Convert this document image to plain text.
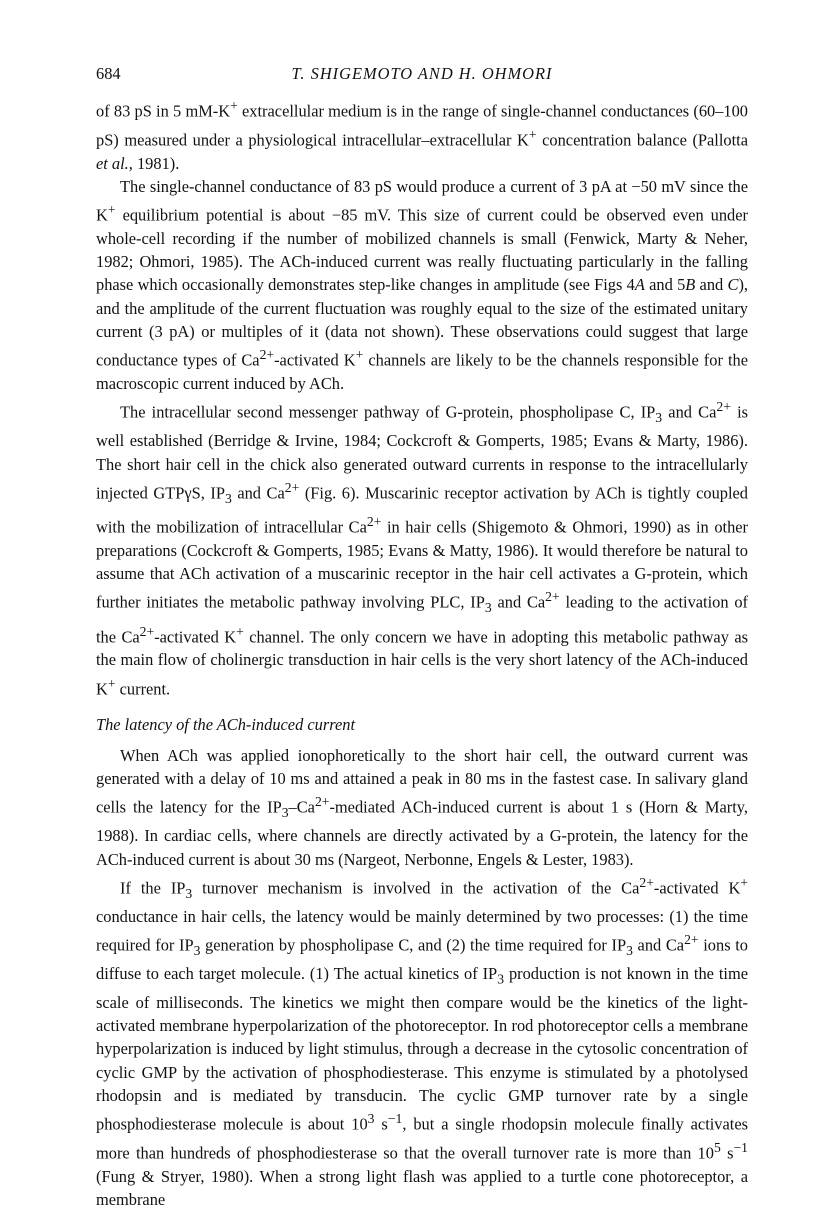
684	T. SHIGEMOTO AND H. OHMORI

of 83 pS in 5 mM-K+ extracellular medium is in the range of single-channel conductances (60–100 pS) measured under a physiological intracellular–extracellular K+ concentration balance (Pallotta et al., 1981).

The single-channel conductance of 83 pS would produce a current of 3 pA at −50 mV since the K+ equilibrium potential is about −85 mV. This size of current could be observed even under whole-cell recording if the number of mobilized channels is small (Fenwick, Marty & Neher, 1982; Ohmori, 1985). The ACh-induced current was really fluctuating particularly in the falling phase which occasionally demonstrates step-like changes in amplitude (see Figs 4A and 5B and C), and the amplitude of the current fluctuation was roughly equal to the size of the estimated unitary current (3 pA) or multiples of it (data not shown). These observations could suggest that large conductance types of $Ca^{2+}$-activated K+ channels are likely to be the channels responsible for the macroscopic current induced by ACh.

The intracellular second messenger pathway of G-protein, phospholipase C, $IP_3$ and $Ca^{2+}$ is well established (Berridge & Irvine, 1984; Cockcroft & Gomperts, 1985; Evans & Marty, 1986). The short hair cell in the chick also generated outward currents in response to the intracellularly injected GTPγS, $IP_3$ and $Ca^{2+}$ (Fig. 6). Muscarinic receptor activation by ACh is tightly coupled with the mobilization of intracellular $Ca^{2+}$ in hair cells (Shigemoto & Ohmori, 1990) as in other preparations (Cockcroft & Gomperts, 1985; Evans & Matty, 1986). It would therefore be natural to assume that ACh activation of a muscarinic receptor in the hair cell activates a G-protein, which further initiates the metabolic pathway involving PLC, $IP_3$ and $Ca^{2+}$ leading to the activation of the $Ca^{2+}$-activated K+ channel. The only concern we have in adopting this metabolic pathway as the main flow of cholinergic transduction in hair cells is the very short latency of the ACh-induced K+ current.

The latency of the ACh-induced current

When ACh was applied ionophoretically to the short hair cell, the outward current was generated with a delay of 10 ms and attained a peak in 80 ms in the fastest case. In salivary gland cells the latency for the $IP_3-Ca^{2+}$-mediated ACh-induced current is about 1 s (Horn & Marty, 1988). In cardiac cells, where channels are directly activated by a G-protein, the latency for the ACh-induced current is about 30 ms (Nargeot, Nerbonne, Engels & Lester, 1983).

If the $IP_3$ turnover mechanism is involved in the activation of the $Ca^{2+}$-activated K+ conductance in hair cells, the latency would be mainly determined by two processes: (1) the time required for $IP_3$ generation by phospholipase C, and (2) the time required for $IP_3$ and $Ca^{2+}$ ions to diffuse to each target molecule. (1) The actual kinetics of $IP_3$ production is not known in the time scale of milliseconds. The kinetics we might then compare would be the kinetics of the light-activated membrane hyperpolarization of the photoreceptor. In rod photoreceptor cells a membrane hyperpolarization is induced by light stimulus, through a decrease in the cytosolic concentration of cyclic GMP by the activation of phosphodiesterase. This enzyme is stimulated by a photolysed rhodopsin and is mediated by transducin. The cyclic GMP turnover rate by a single phosphodiesterase molecule is about $10^3$ $s^{-1}$, but a single rhodopsin molecule finally activates more than hundreds of phosphodiesterase so that the overall turnover rate is more than $10^5$ $s^{-1}$ (Fung & Stryer, 1980). When a strong light flash was applied to a turtle cone photoreceptor, a membrane
